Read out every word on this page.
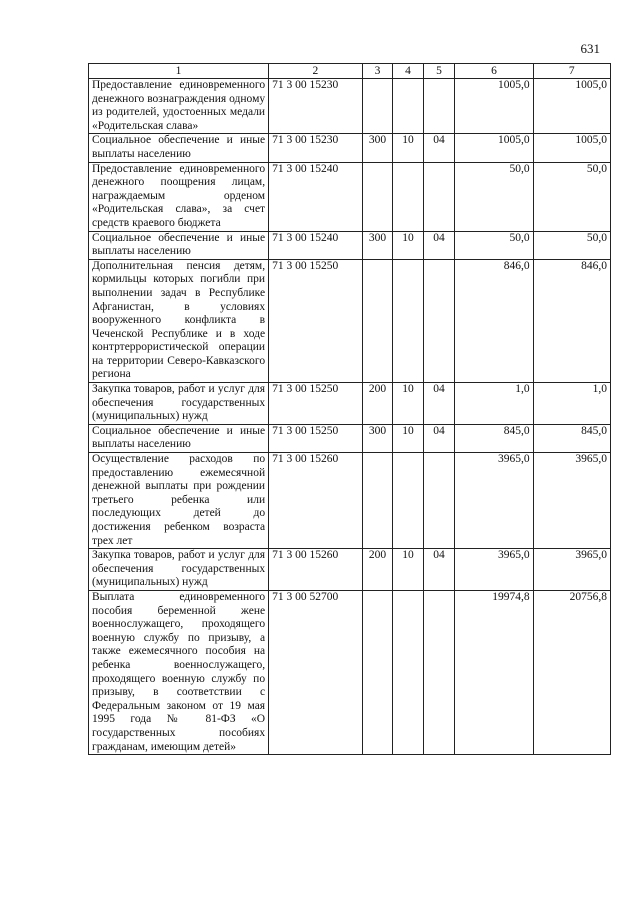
631
1	2	3	4	5	6	7
Предоставление единовременного денежного вознаграждения одному из родителей, удостоенных медали «Родительская слава»	71 3 00 15230				1005,0	1005,0
Социальное обеспечение и иные выплаты населению	71 3 00 15230	300	10	04	1005,0	1005,0
Предоставление единовременного денежного поощрения лицам, награждаемым орденом «Родительская слава», за счет средств краевого бюджета	71 3 00 15240				50,0	50,0
Социальное обеспечение и иные выплаты населению	71 3 00 15240	300	10	04	50,0	50,0
Дополнительная пенсия детям, кормильцы которых погибли при выполнении задач в Республике Афганистан, в условиях вооруженного конфликта в Чеченской Республике и в ходе контртеррористической операции на территории Северо-Кавказского региона	71 3 00 15250				846,0	846,0
Закупка товаров, работ и услуг для обеспечения государственных (муниципальных) нужд	71 3 00 15250	200	10	04	1,0	1,0
Социальное обеспечение и иные выплаты населению	71 3 00 15250	300	10	04	845,0	845,0
Осуществление расходов по предоставлению ежемесячной денежной выплаты при рождении третьего ребенка или последующих детей до достижения ребенком возраста трех лет	71 3 00 15260				3965,0	3965,0
Закупка товаров, работ и услуг для обеспечения государственных (муниципальных) нужд	71 3 00 15260	200	10	04	3965,0	3965,0
Выплата единовременного пособия беременной жене военнослужащего, проходящего военную службу по призыву, а также ежемесячного пособия на ребенка военнослужащего, проходящего военную службу по призыву, в соответствии с Федеральным законом от 19 мая 1995 года № 81-ФЗ «О государственных пособиях гражданам, имеющим детей»	71 3 00 52700				19974,8	20756,8
